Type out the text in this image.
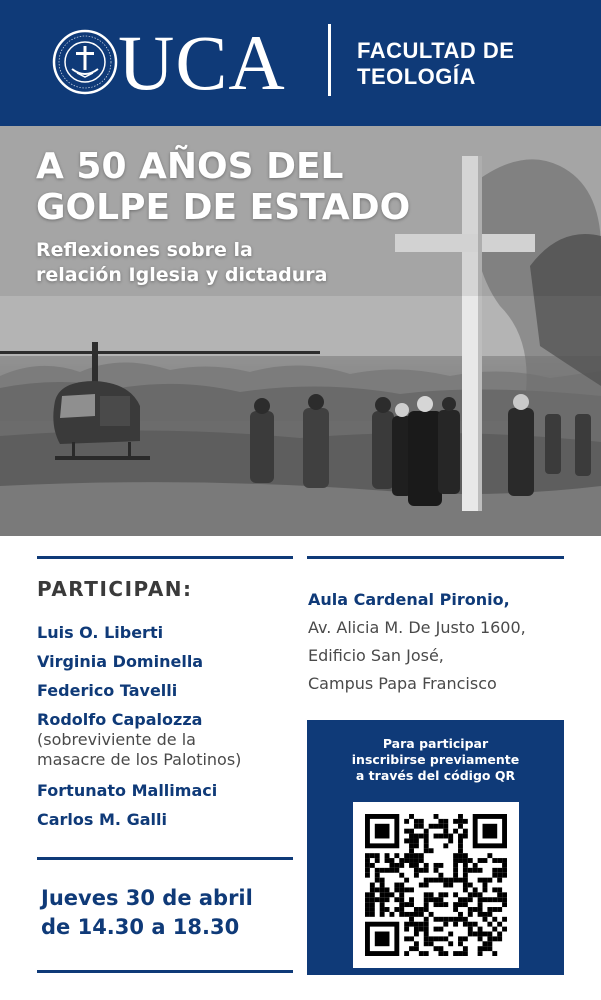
UCA	FACULTAD DE
TEOLOGÍA
A 50 AÑOS DEL
GOLPE DE ESTADO
Reflexiones sobre la
relación Iglesia y dictadura
PARTICIPAN:
Luis O. Liberti
Virginia Dominella
Federico Tavelli
Rodolfo Capalozza
(sobreviviente de la
masacre de los Palotinos)
Fortunato Mallimaci
Carlos M. Galli
Jueves 30 de abril
de 14.30 a 18.30
Aula Cardenal Pironio,
Av. Alicia M. De Justo 1600,
Edificio San José,
Campus Papa Francisco
Para participar
inscribirse previamente
a través del código QR
